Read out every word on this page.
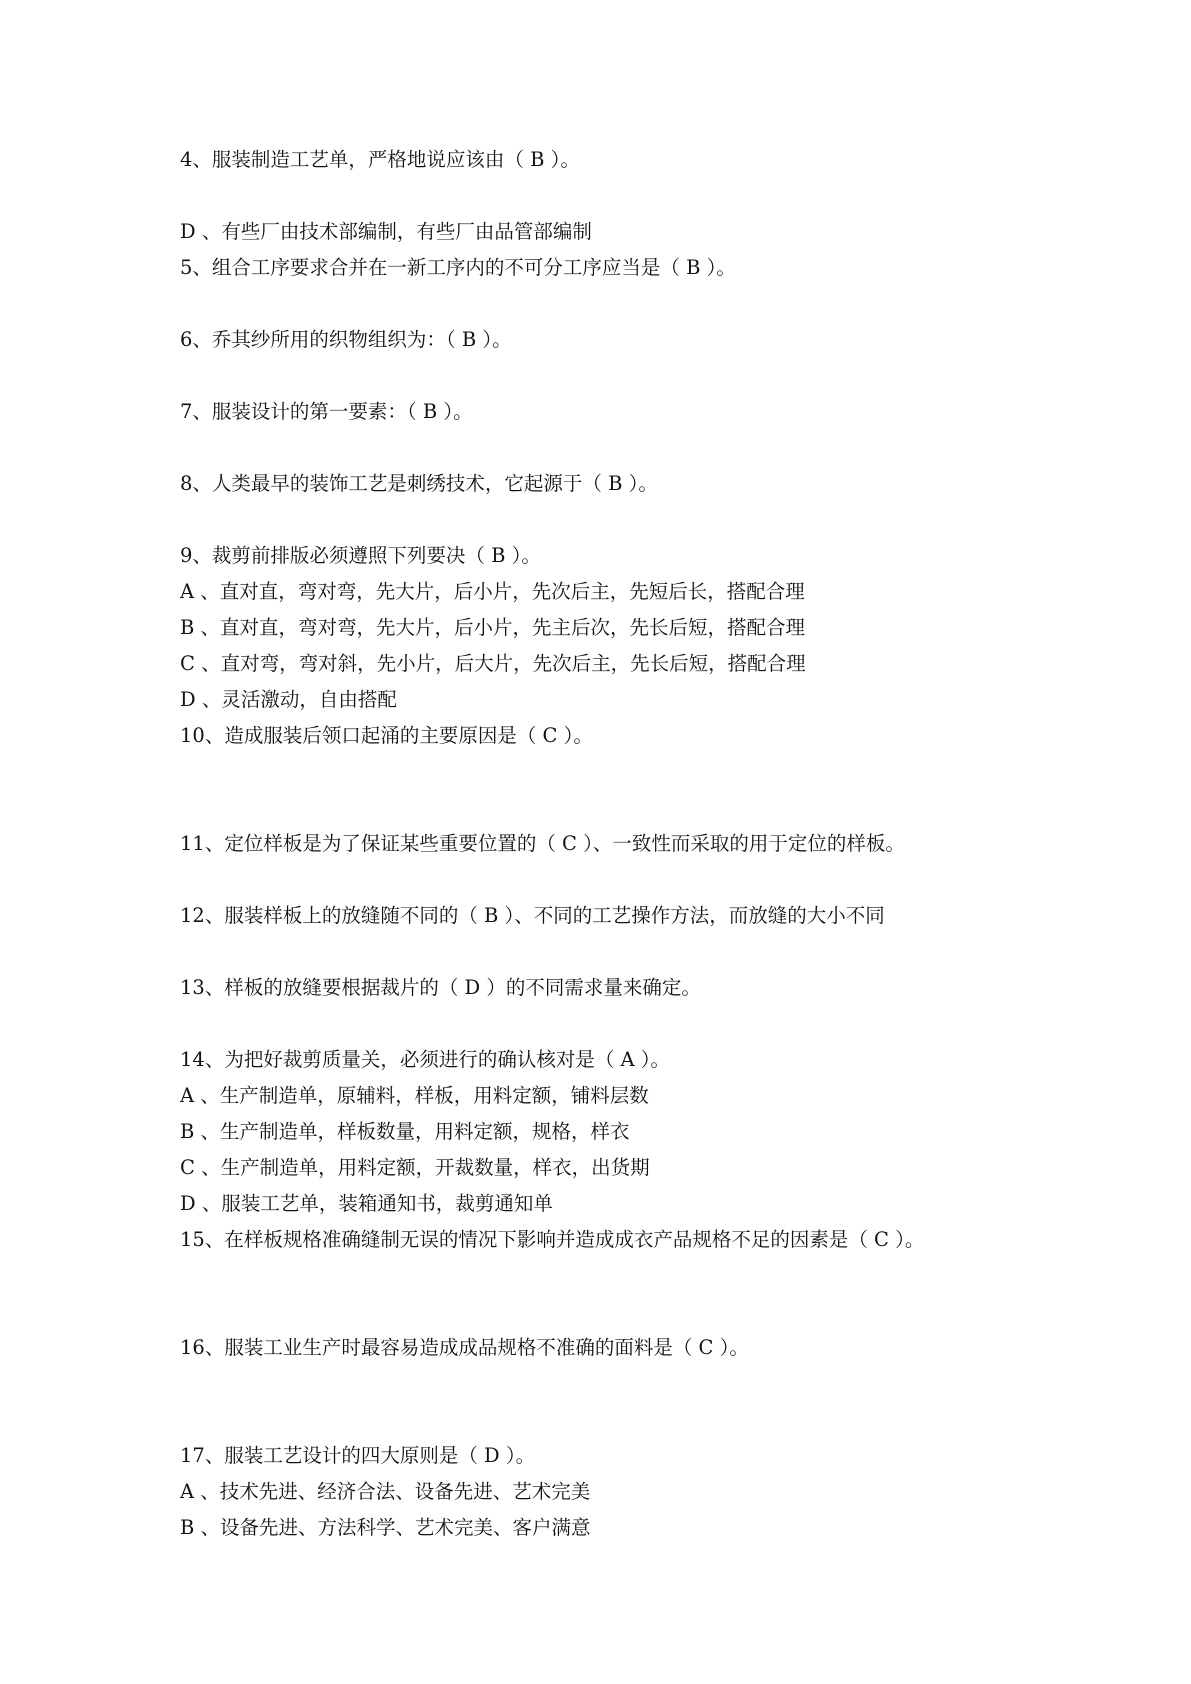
4、服装制造工艺单，严格地说应该由（ B ）。

D 、有些厂由技术部编制，有些厂由品管部编制
5、组合工序要求合并在一新工序内的不可分工序应当是（ B ）。

6、乔其纱所用的织物组织为：（ B ）。

7、服装设计的第一要素：（ B ）。

8、人类最早的装饰工艺是刺绣技术，它起源于（ B ）。

9、裁剪前排版必须遵照下列要决（ B ）。
A 、直对直，弯对弯，先大片，后小片，先次后主，先短后长，搭配合理
B 、直对直，弯对弯，先大片，后小片，先主后次，先长后短，搭配合理
C 、直对弯，弯对斜，先小片，后大片，先次后主，先长后短，搭配合理
D 、灵活激动，自由搭配
10、造成服装后领口起涌的主要原因是（ C ）。

11、定位样板是为了保证某些重要位置的（ C ）、一致性而采取的用于定位的样板。

12、服装样板上的放缝随不同的（ B ）、不同的工艺操作方法，而放缝的大小不同

13、样板的放缝要根据裁片的（ D ）的不同需求量来确定。

14、为把好裁剪质量关，必须进行的确认核对是（ A ）。
A 、生产制造单，原辅料，样板，用料定额，铺料层数
B 、生产制造单，样板数量，用料定额，规格，样衣
C 、生产制造单，用料定额，开裁数量，样衣，出货期
D 、服装工艺单，装箱通知书，裁剪通知单
15、在样板规格准确缝制无误的情况下影响并造成成衣产品规格不足的因素是（ C ）。

16、服装工业生产时最容易造成成品规格不准确的面料是（ C ）。

17、服装工艺设计的四大原则是（ D ）。
A 、技术先进、经济合法、设备先进、艺术完美
B 、设备先进、方法科学、艺术完美、客户满意
